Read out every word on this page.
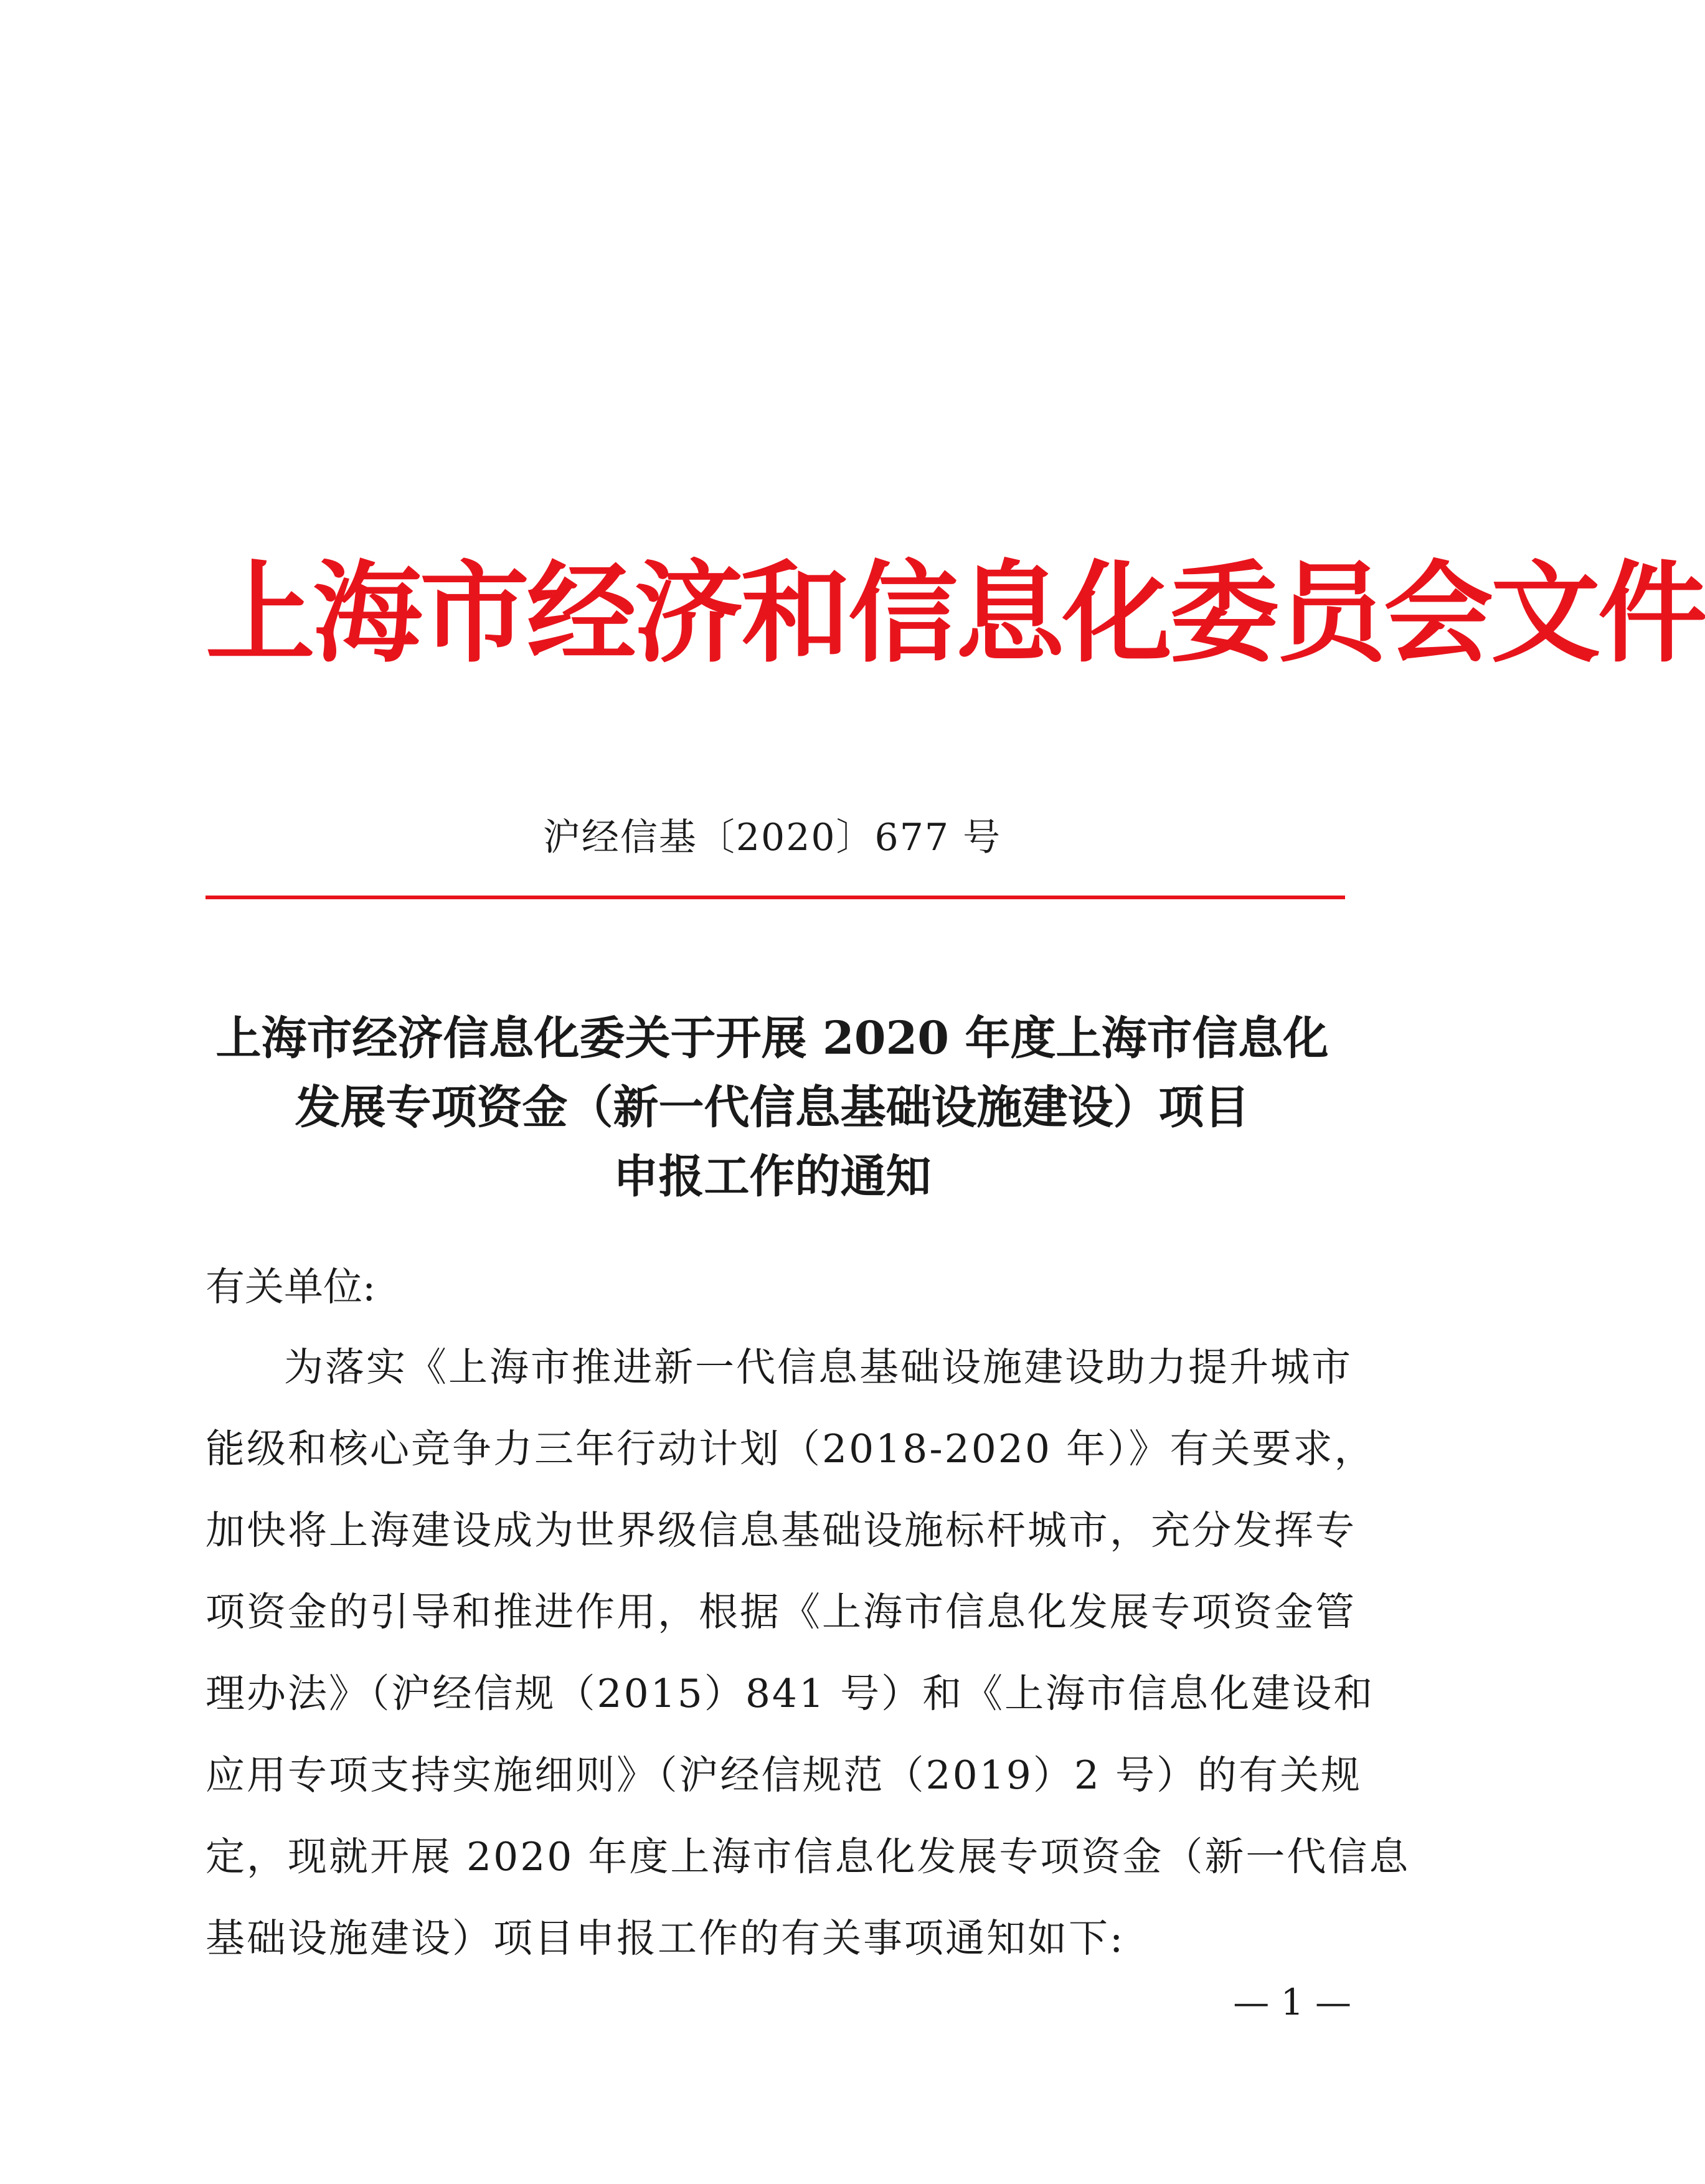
上海市经济和信息化委员会文件
沪经信基〔2020〕677 号
上海市经济信息化委关于开展 2020 年度上海市信息化
发展专项资金（新一代信息基础设施建设）项目
申报工作的通知
有关单位:
为落实《上海市推进新一代信息基础设施建设助力提升城市
能级和核心竞争力三年行动计划（2018-2020 年）》有关要求，
加快将上海建设成为世界级信息基础设施标杆城市，充分发挥专
项资金的引导和推进作用，根据《上海市信息化发展专项资金管
理办法》（沪经信规（2015）841 号）和《上海市信息化建设和
应用专项支持实施细则》（沪经信规范（2019）2 号）的有关规
定，现就开展 2020 年度上海市信息化发展专项资金（新一代信息
基础设施建设）项目申报工作的有关事项通知如下:
— 1 —
